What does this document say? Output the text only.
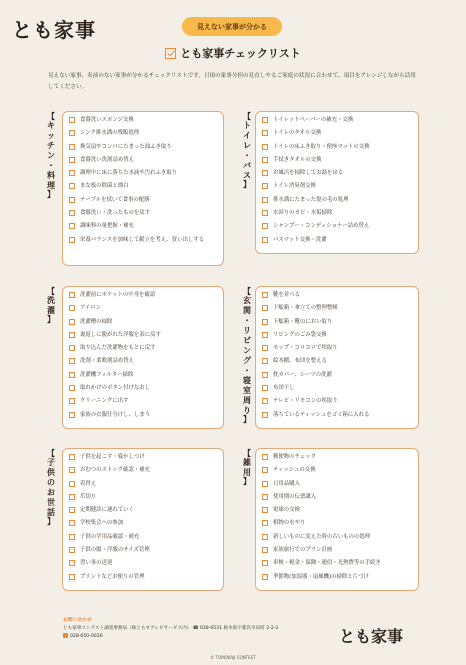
とも家事	見えない家事が分かる
とも家事チェックリスト
見えない家事、名前のない家事が分かるチェックリストです。日頃の家事分担の見直しやるご家庭の状況に合わせて、項目をアレンジしながら活用してください。
【
キ
ッ
チ
ン
・
料
理
】
食器洗いスポンジ交換
シンク排水溝の残飯処理
換気扇やコンロにたまった油ふき取り
食器洗い洗剤詰め替え
調理中に床に落ちた水滴や汚れふき取り
まな板の除菌と漂白
テーブルを拭いて食事の配膳
食器洗い・洗ったものを戻す
調味料の量把握・補充
栄養バランスを加味して献立を考え、買い出しする
【
ト
イ
レ
・
バ
ス
】
トイレットペーパーの補充・交換
トイレのタオル交換
トイレの床ふき取り・便座マットの交換
手拭きタオルの交換
お風呂を掃除してお湯をはる
トイレ消臭剤交換
排水溝にたまった髪の毛の処理
水回りのカビ・水垢掃除
シャンプー・コンディショナー詰め替え
バスマット交換・洗濯
【
洗
濯
】
洗濯前にポケットの中身を確認
アイロン
洗濯槽の掃除
裏返しに脱がれた洋服を表に戻す
取り込んだ洗濯物をもとに戻す
洗剤・柔軟剤詰め替え
洗濯機フィルター掃除
取れかけのボタン付けなおし
クリーニングに出す
家族の衣服仕分けし、しまう
【
玄
関
・
リ
ビ
ン
グ
・
寝
室
周
り
】
靴を並べる
下駄箱・傘立ての整理整頓
下駄箱・靴のにおい取り
リビングのごみ袋交換
モップ・コロコロで埃取り
絵本棚、布団を整える
枕カバー、シーツの洗濯
布団干し
テレビ・リモコンの埃取り
落ちているティッシュをゴミ箱に入れる
【
子
供
の
お
世
話
】
子供を起こす・寝かしつけ
おむつのストック確認・補充
着替え
爪切り
定期健診に連れていく
学校集会への参加
子供の学用品確認・補充
子供の服・洋服のサイズ管理
習い事の送迎
プリントなどお便りの管理
【
雑
用
】
郵便物のチェック
ティッシュの交換
日用品購入
使用期の伝票講入
電球の交換
植物の水やり
新しいものに変えた時の古いものの処理
家族旅行でのプラン計画
車検・税金・保険・通信・光熱費等の手続き
季節物(加湿器・扇風機)の掃除と片づけ
お問い合わせ
とも家事コンテスト調査事務局（株ともすアレビサービス内） ☎ 028-6531 栃木県宇都宮市田町 2-2-2
028-650-0026	とも家事
© TOMOKAJI CONTEST
